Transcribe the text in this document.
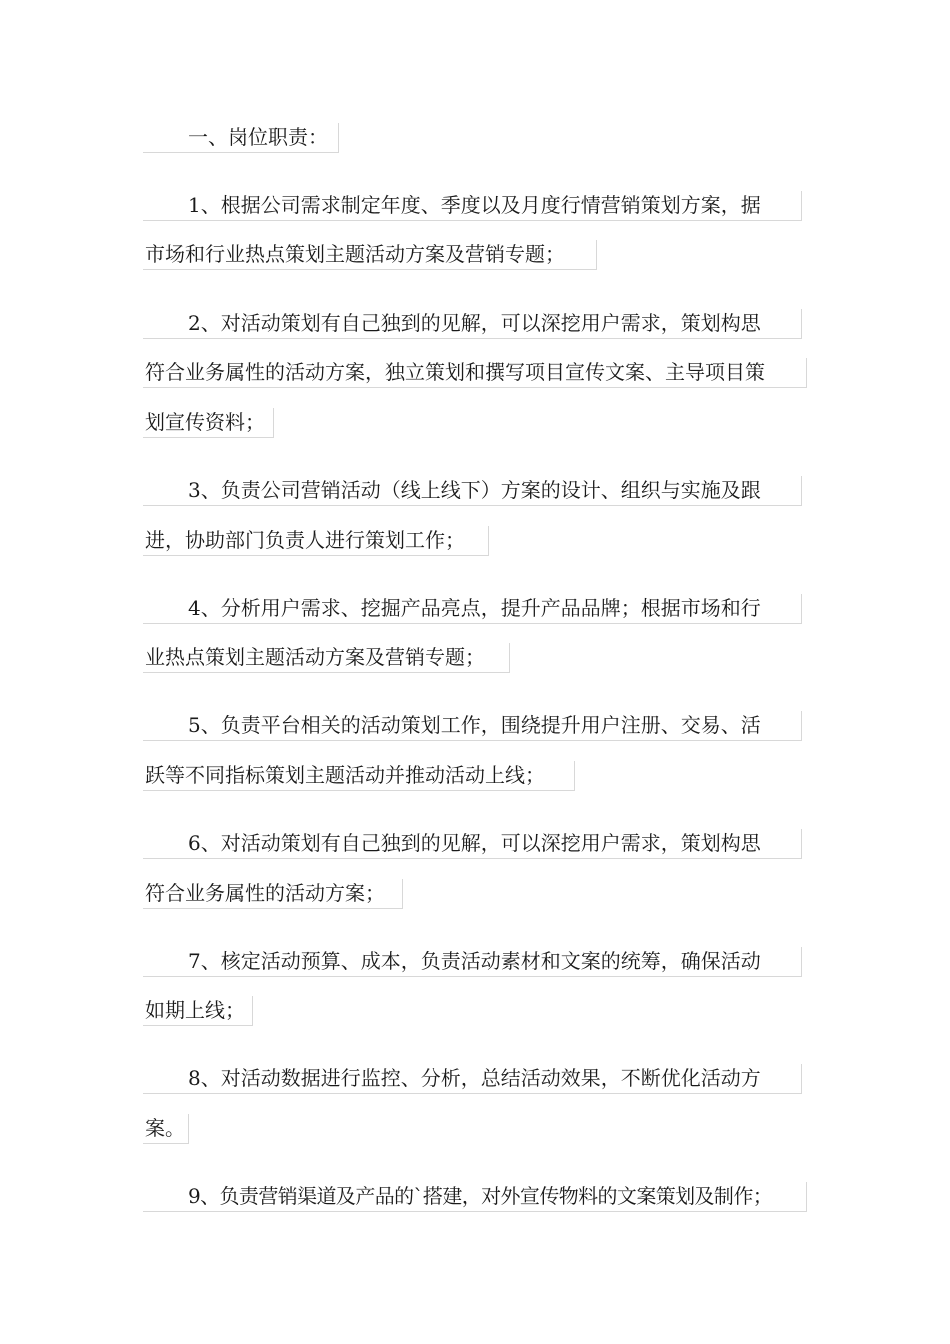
一、岗位职责：
1、根据公司需求制定年度、季度以及月度行情营销策划方案，据
市场和行业热点策划主题活动方案及营销专题；
2、对活动策划有自己独到的见解，可以深挖用户需求，策划构思
符合业务属性的活动方案，独立策划和撰写项目宣传文案、主导项目策
划宣传资料；
3、负责公司营销活动（线上线下）方案的设计、组织与实施及跟
进，协助部门负责人进行策划工作；
4、分析用户需求、挖掘产品亮点，提升产品品牌；根据市场和行
业热点策划主题活动方案及营销专题；
5、负责平台相关的活动策划工作，围绕提升用户注册、交易、活
跃等不同指标策划主题活动并推动活动上线；
6、对活动策划有自己独到的见解，可以深挖用户需求，策划构思
符合业务属性的活动方案；
7、核定活动预算、成本，负责活动素材和文案的统筹，确保活动
如期上线；
8、对活动数据进行监控、分析，总结活动效果，不断优化活动方
案。
9、负责营销渠道及产品的`搭建，对外宣传物料的文案策划及制作；
